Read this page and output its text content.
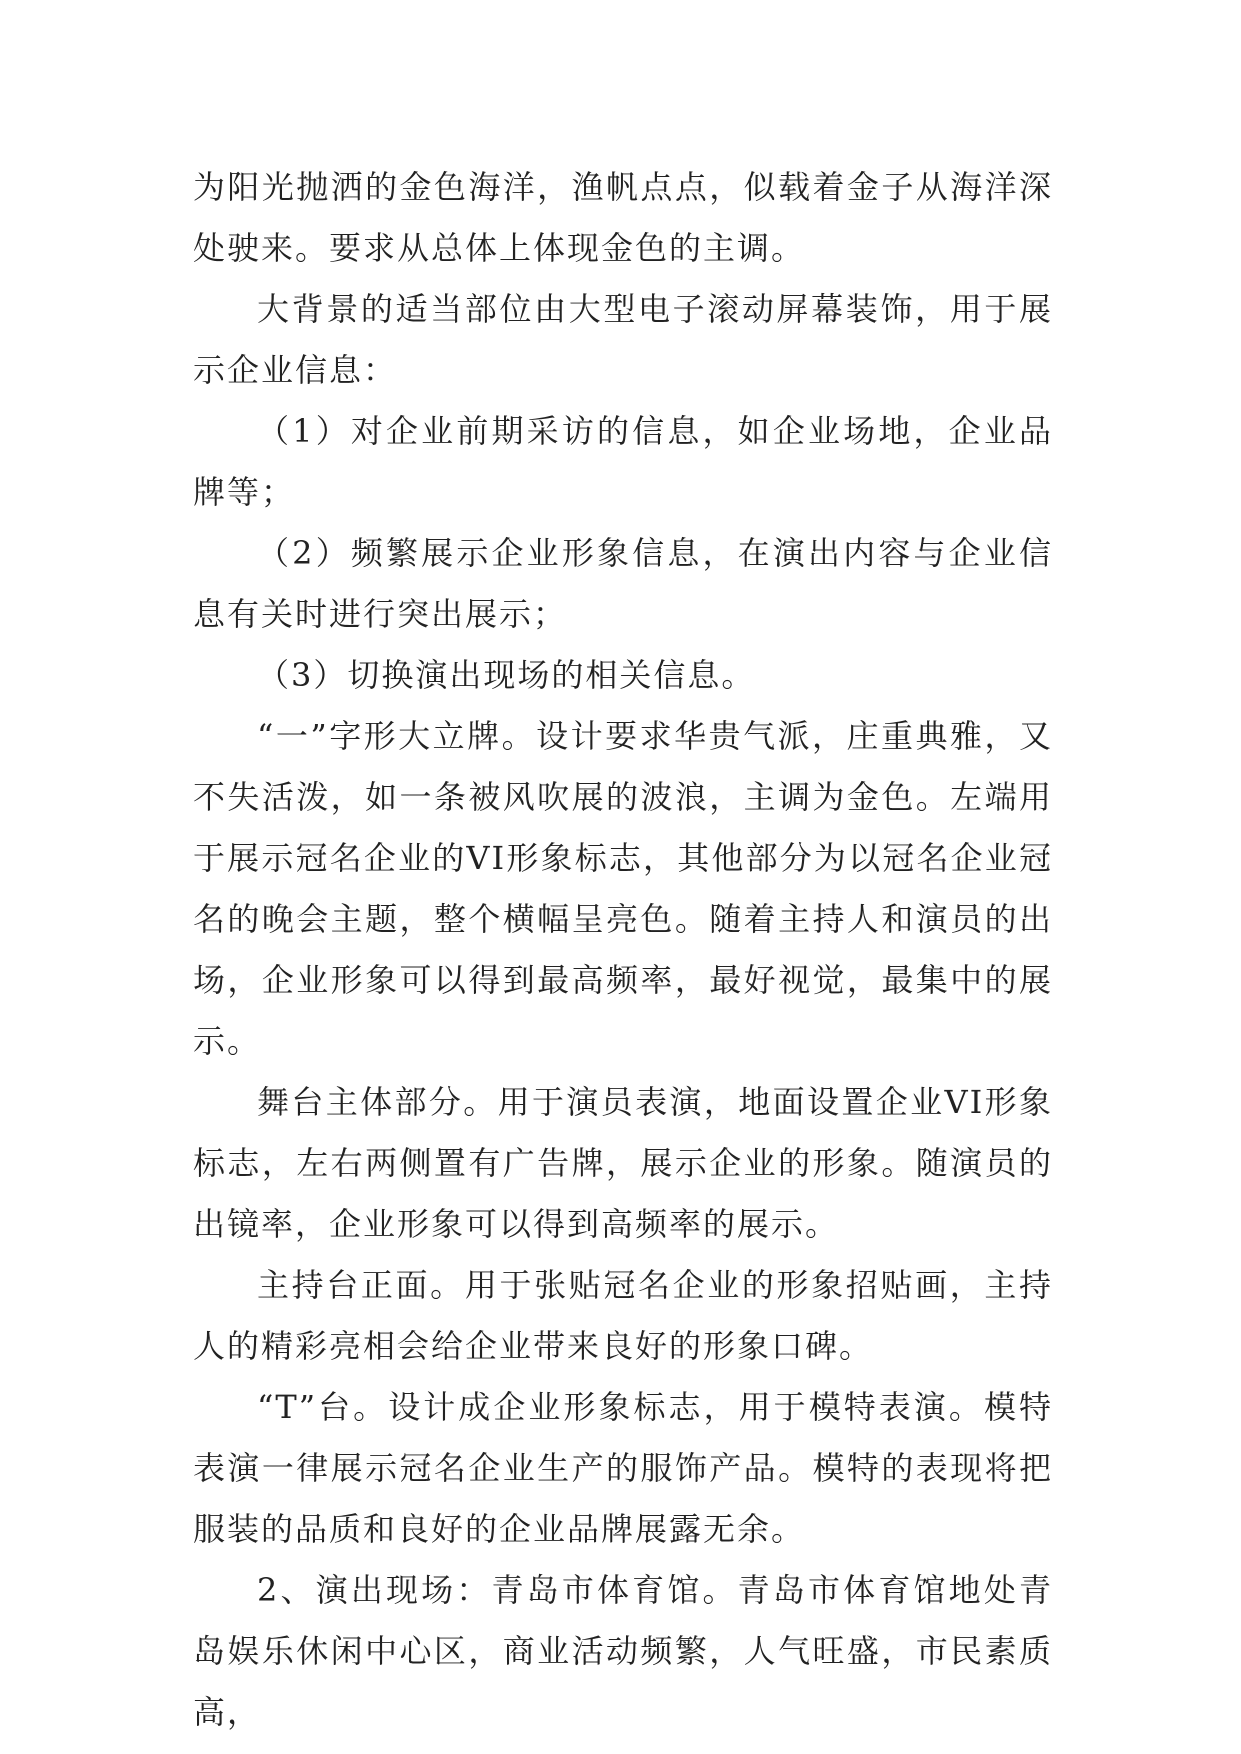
为阳光抛洒的金色海洋，渔帆点点，似载着金子从海洋深处驶来。要求从总体上体现金色的主调。

大背景的适当部位由大型电子滚动屏幕装饰，用于展示企业信息：

（1）对企业前期采访的信息，如企业场地，企业品牌等；

（2）频繁展示企业形象信息，在演出内容与企业信息有关时进行突出展示；

（3）切换演出现场的相关信息。

“一”字形大立牌。设计要求华贵气派，庄重典雅，又不失活泼，如一条被风吹展的波浪，主调为金色。左端用于展示冠名企业的VI形象标志，其他部分为以冠名企业冠名的晚会主题，整个横幅呈亮色。随着主持人和演员的出场，企业形象可以得到最高频率，最好视觉，最集中的展示。

舞台主体部分。用于演员表演，地面设置企业VI形象标志，左右两侧置有广告牌，展示企业的形象。随演员的出镜率，企业形象可以得到高频率的展示。

主持台正面。用于张贴冠名企业的形象招贴画，主持人的精彩亮相会给企业带来良好的形象口碑。

“T”台。设计成企业形象标志，用于模特表演。模特表演一律展示冠名企业生产的服饰产品。模特的表现将把服装的品质和良好的企业品牌展露无余。

2、演出现场：青岛市体育馆。青岛市体育馆地处青岛娱乐休闲中心区，商业活动频繁，人气旺盛，市民素质高，
